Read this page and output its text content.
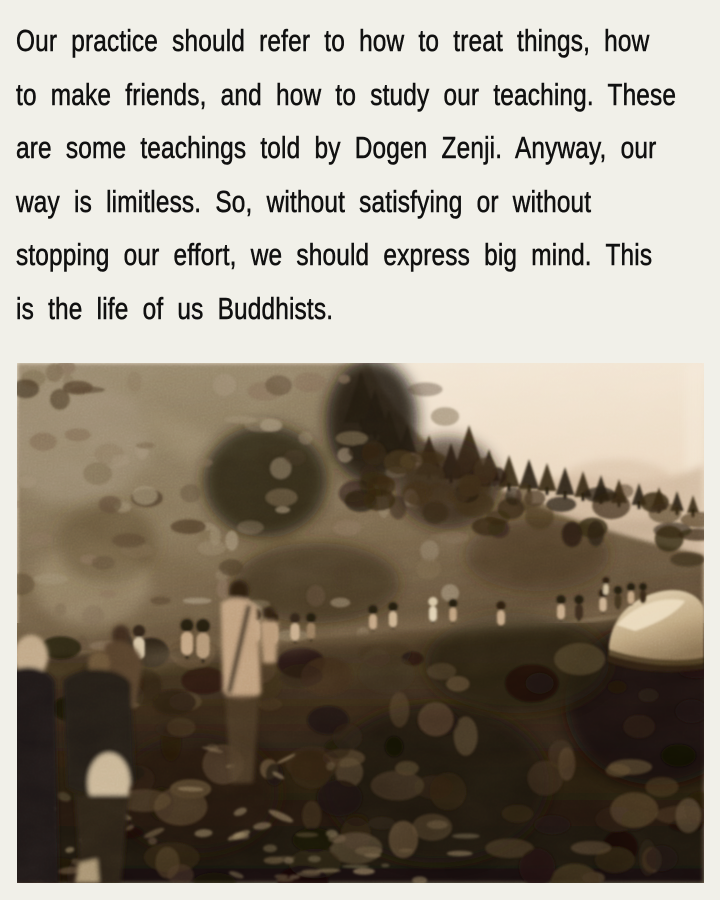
Our practice should refer to how to treat things, how
to make friends, and how to study our teaching. These
are some teachings told by Dogen Zenji. Anyway, our
way is limitless. So, without satisfying or without
stopping our effort, we should express big mind. This
is the life of us Buddhists.
